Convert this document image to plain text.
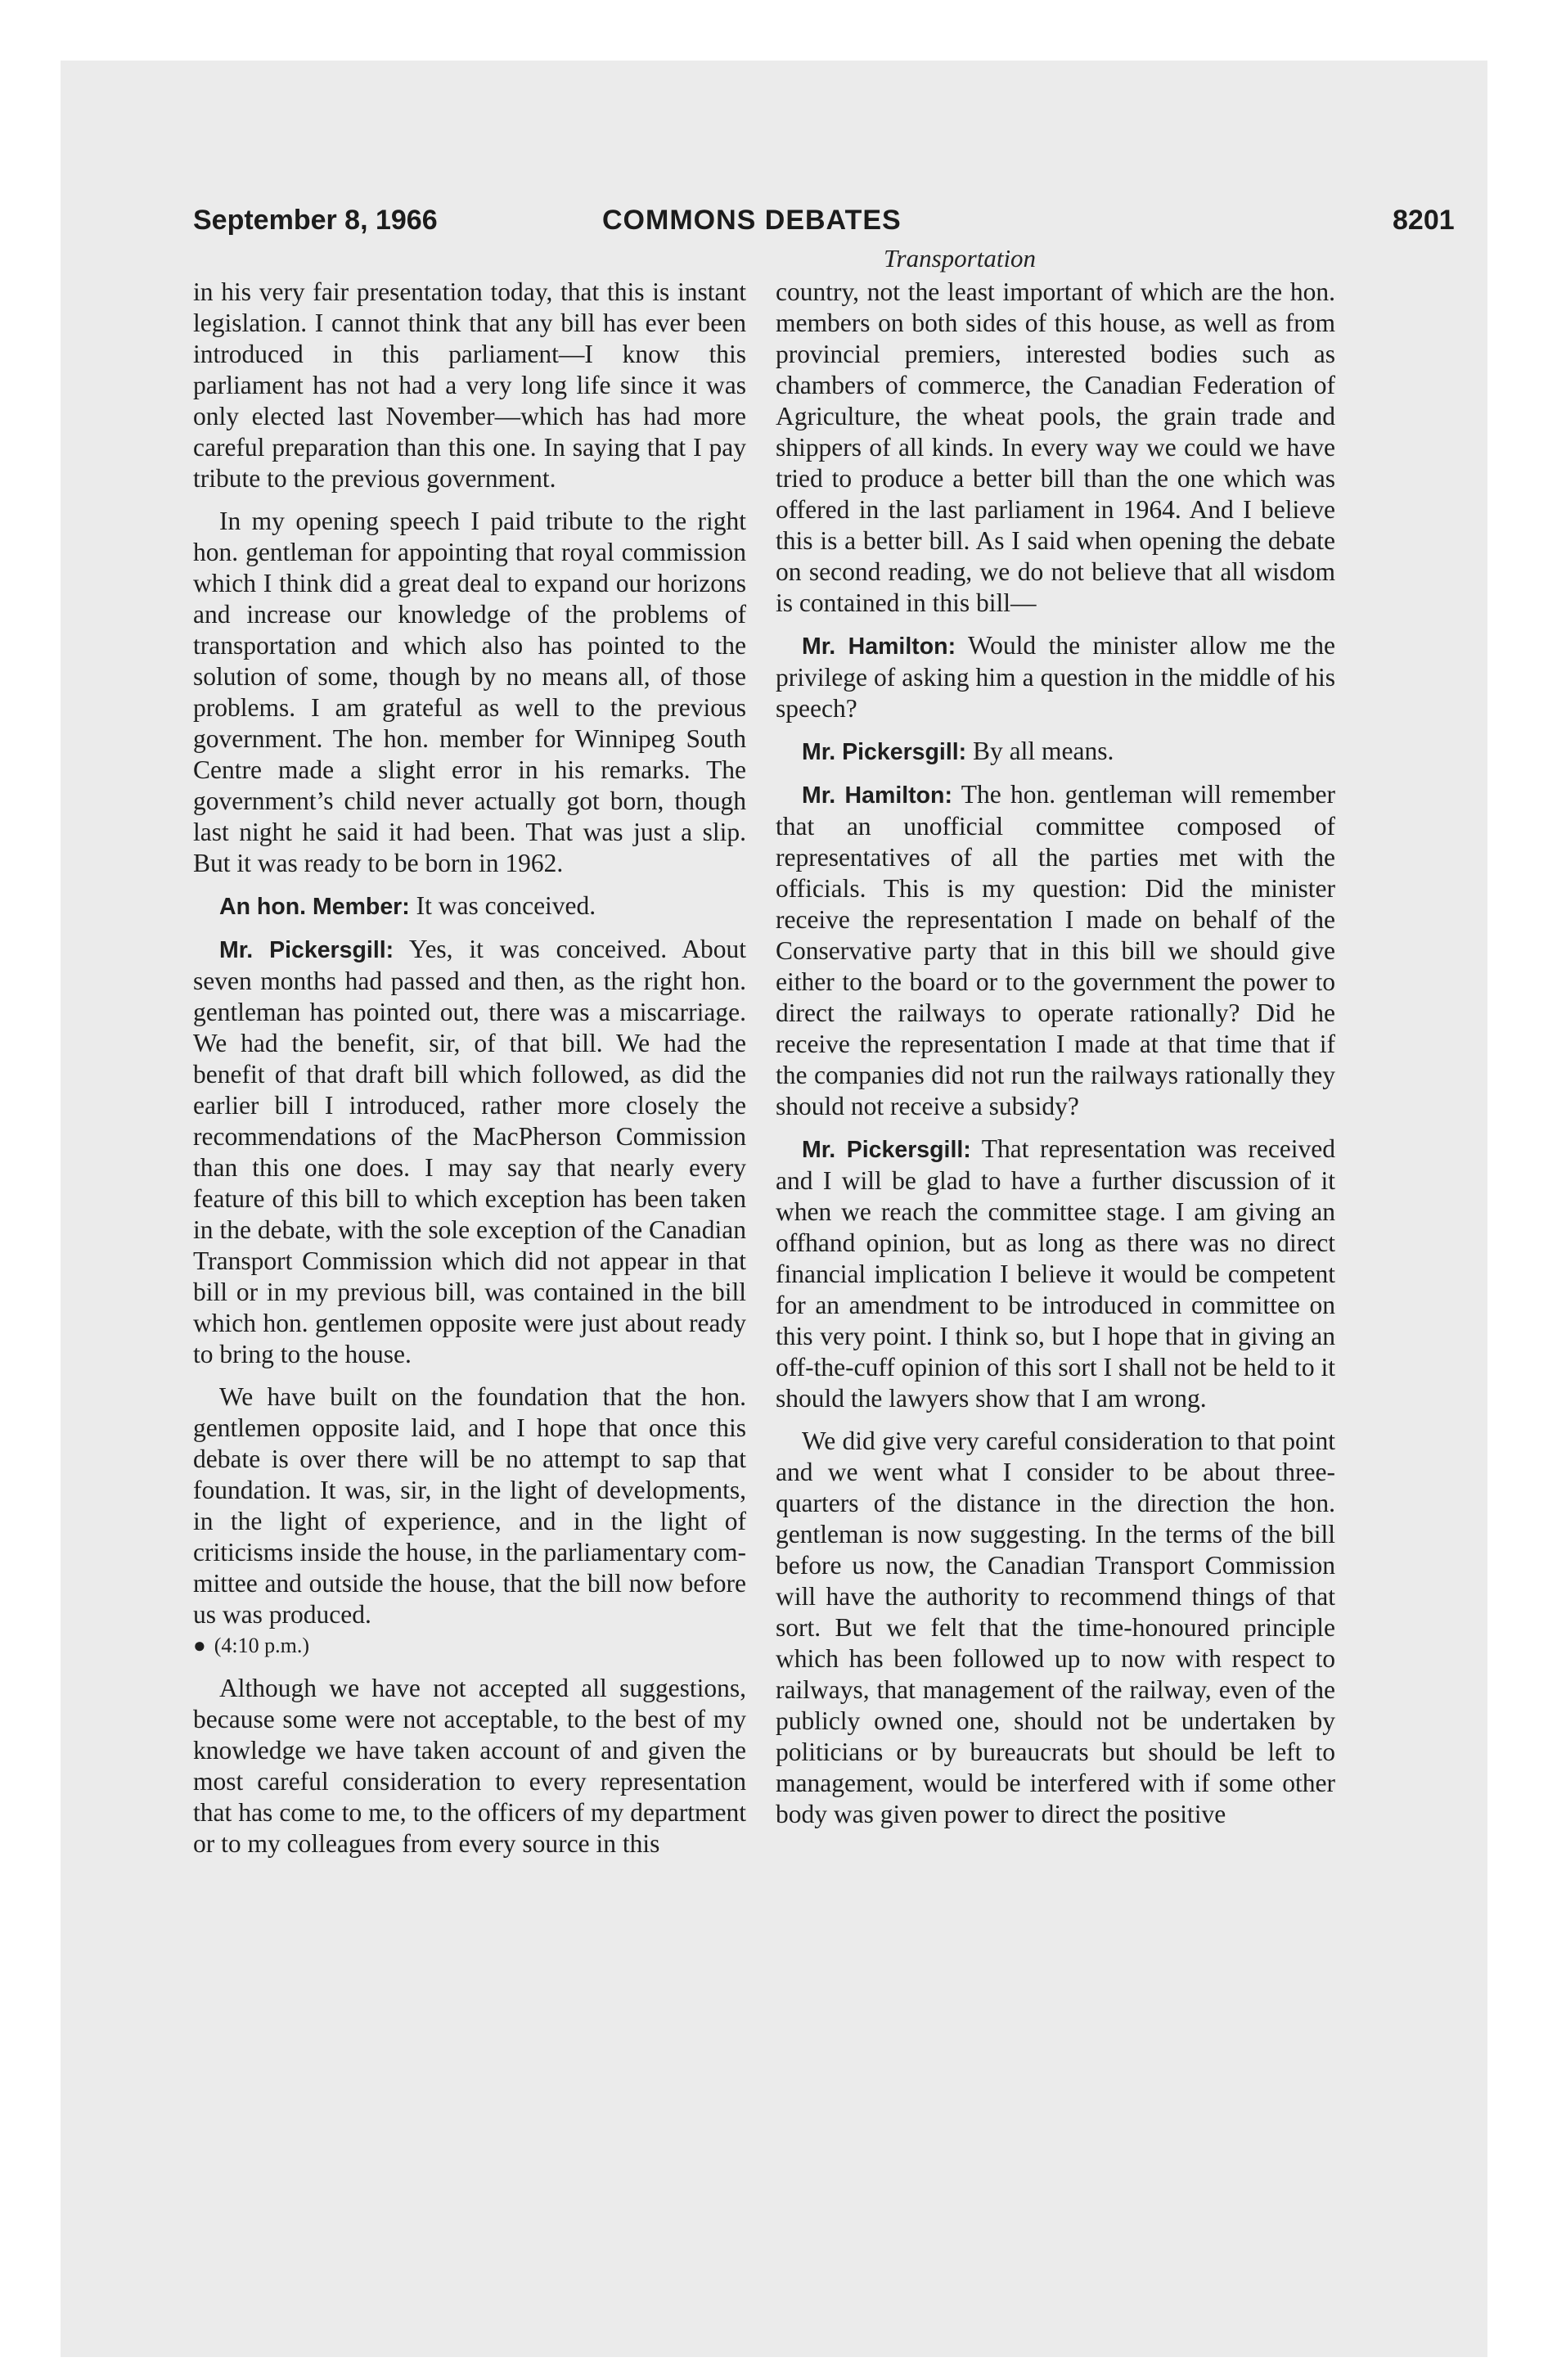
September 8, 1966	COMMONS DEBATES	8201
Transportation

in his very fair presentation today, that this is instant legislation. I cannot think that any bill has ever been introduced in this parliament—I know this parliament has not had a very long life since it was only elected last November—which has had more careful preparation than this one. In saying that I pay tribute to the previous government.

In my opening speech I paid tribute to the right hon. gentleman for appointing that royal commission which I think did a great deal to expand our horizons and increase our knowledge of the problems of transportation and which also has pointed to the solution of some, though by no means all, of those problems. I am grateful as well to the previous government. The hon. member for Winnipeg South Centre made a slight error in his remarks. The government’s child never actually got born, though last night he said it had been. That was just a slip. But it was ready to be born in 1962.

An hon. Member: It was conceived.

Mr. Pickersgill: Yes, it was conceived. About seven months had passed and then, as the right hon. gentleman has pointed out, there was a miscarriage. We had the benefit, sir, of that bill. We had the benefit of that draft bill which followed, as did the earlier bill I introduced, rather more closely the recommendations of the MacPherson Commission than this one does. I may say that nearly every feature of this bill to which exception has been taken in the debate, with the sole exception of the Canadian Transport Commission which did not appear in that bill or in my previous bill, was contained in the bill which hon. gentlemen opposite were just about ready to bring to the house.

We have built on the foundation that the hon. gentlemen opposite laid, and I hope that once this debate is over there will be no attempt to sap that foundation. It was, sir, in the light of developments, in the light of experience, and in the light of criticisms inside the house, in the parliamentary committee and outside the house, that the bill now before us was produced.

● (4:10 p.m.)

Although we have not accepted all suggestions, because some were not acceptable, to the best of my knowledge we have taken account of and given the most careful consideration to every representation that has come to me, to the officers of my department or to my colleagues from every source in this

country, not the least important of which are the hon. members on both sides of this house, as well as from provincial premiers, interested bodies such as chambers of commerce, the Canadian Federation of Agriculture, the wheat pools, the grain trade and shippers of all kinds. In every way we could we have tried to produce a better bill than the one which was offered in the last parliament in 1964. And I believe this is a better bill. As I said when opening the debate on second reading, we do not believe that all wisdom is contained in this bill—

Mr. Hamilton: Would the minister allow me the privilege of asking him a question in the middle of his speech?

Mr. Pickersgill: By all means.

Mr. Hamilton: The hon. gentleman will remember that an unofficial committee composed of representatives of all the parties met with the officials. This is my question: Did the minister receive the representation I made on behalf of the Conservative party that in this bill we should give either to the board or to the government the power to direct the railways to operate rationally? Did he receive the representation I made at that time that if the companies did not run the railways rationally they should not receive a subsidy?

Mr. Pickersgill: That representation was received and I will be glad to have a further discussion of it when we reach the committee stage. I am giving an offhand opinion, but as long as there was no direct financial implication I believe it would be competent for an amendment to be introduced in committee on this very point. I think so, but I hope that in giving an off-the-cuff opinion of this sort I shall not be held to it should the lawyers show that I am wrong.

We did give very careful consideration to that point and we went what I consider to be about three-quarters of the distance in the direction the hon. gentleman is now suggesting. In the terms of the bill before us now, the Canadian Transport Commission will have the authority to recommend things of that sort. But we felt that the time-honoured principle which has been followed up to now with respect to railways, that management of the railway, even of the publicly owned one, should not be undertaken by politicians or by bureaucrats but should be left to management, would be interfered with if some other body was given power to direct the positive
